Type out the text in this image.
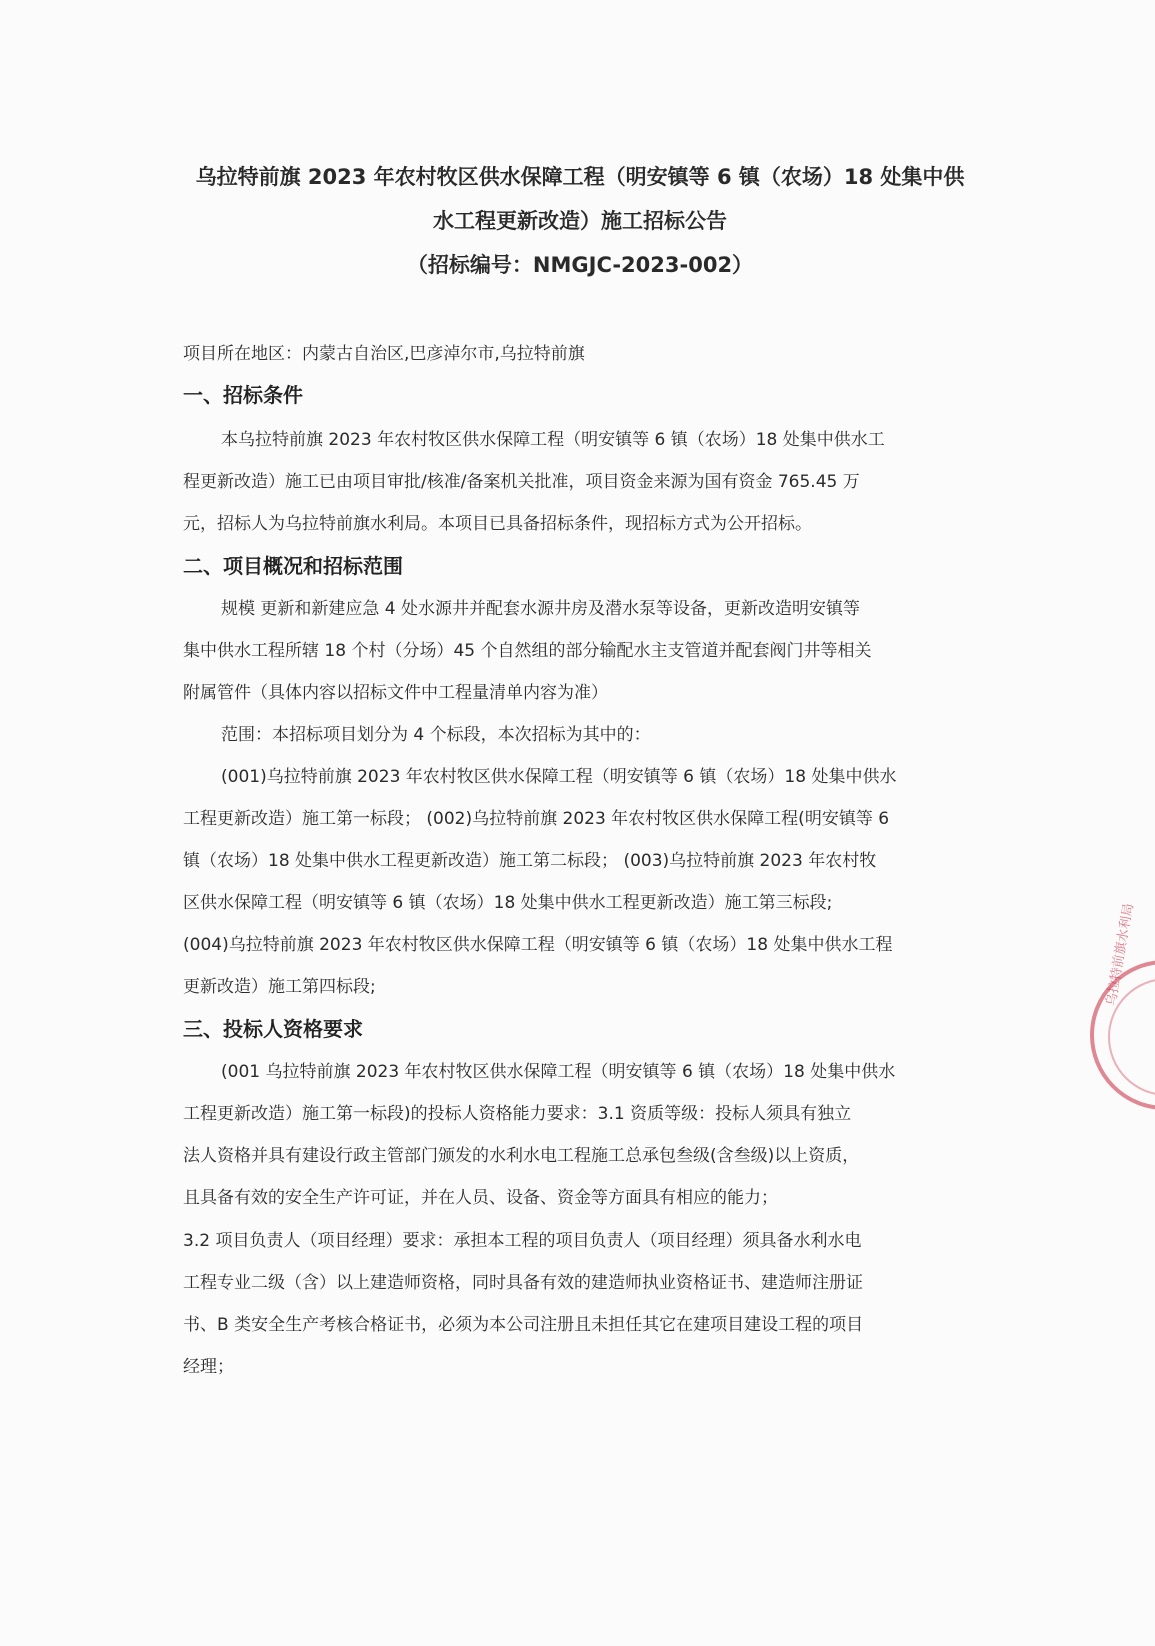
乌拉特前旗 2023 年农村牧区供水保障工程（明安镇等 6 镇（农场）18 处集中供
水工程更新改造）施工招标公告
（招标编号：NMGJC-2023-002）
项目所在地区：内蒙古自治区,巴彦淖尔市,乌拉特前旗
一、招标条件
本乌拉特前旗 2023 年农村牧区供水保障工程（明安镇等 6 镇（农场）18 处集中供水工
程更新改造）施工已由项目审批/核准/备案机关批准，项目资金来源为国有资金 765.45 万
元，招标人为乌拉特前旗水利局。本项目已具备招标条件，现招标方式为公开招标。
二、项目概况和招标范围
规模 更新和新建应急 4 处水源井并配套水源井房及潜水泵等设备，更新改造明安镇等
集中供水工程所辖 18 个村（分场）45 个自然组的部分输配水主支管道并配套阀门井等相关
附属管件（具体内容以招标文件中工程量清单内容为准）
范围：本招标项目划分为 4 个标段，本次招标为其中的：
(001)乌拉特前旗 2023 年农村牧区供水保障工程（明安镇等 6 镇（农场）18 处集中供水
工程更新改造）施工第一标段； (002)乌拉特前旗 2023 年农村牧区供水保障工程(明安镇等 6
镇（农场）18 处集中供水工程更新改造）施工第二标段； (003)乌拉特前旗 2023 年农村牧
区供水保障工程（明安镇等 6 镇（农场）18 处集中供水工程更新改造）施工第三标段;
(004)乌拉特前旗 2023 年农村牧区供水保障工程（明安镇等 6 镇（农场）18 处集中供水工程
更新改造）施工第四标段;
三、投标人资格要求
(001 乌拉特前旗 2023 年农村牧区供水保障工程（明安镇等 6 镇（农场）18 处集中供水
工程更新改造）施工第一标段)的投标人资格能力要求：3.1 资质等级：投标人须具有独立
法人资格并具有建设行政主管部门颁发的水利水电工程施工总承包叁级(含叁级)以上资质，
且具备有效的安全生产许可证，并在人员、设备、资金等方面具有相应的能力；
3.2 项目负责人（项目经理）要求：承担本工程的项目负责人（项目经理）须具备水利水电
工程专业二级（含）以上建造师资格，同时具备有效的建造师执业资格证书、建造师注册证
书、B 类安全生产考核合格证书，必须为本公司注册且未担任其它在建项目建设工程的项目
经理；
乌拉特前旗水利局
